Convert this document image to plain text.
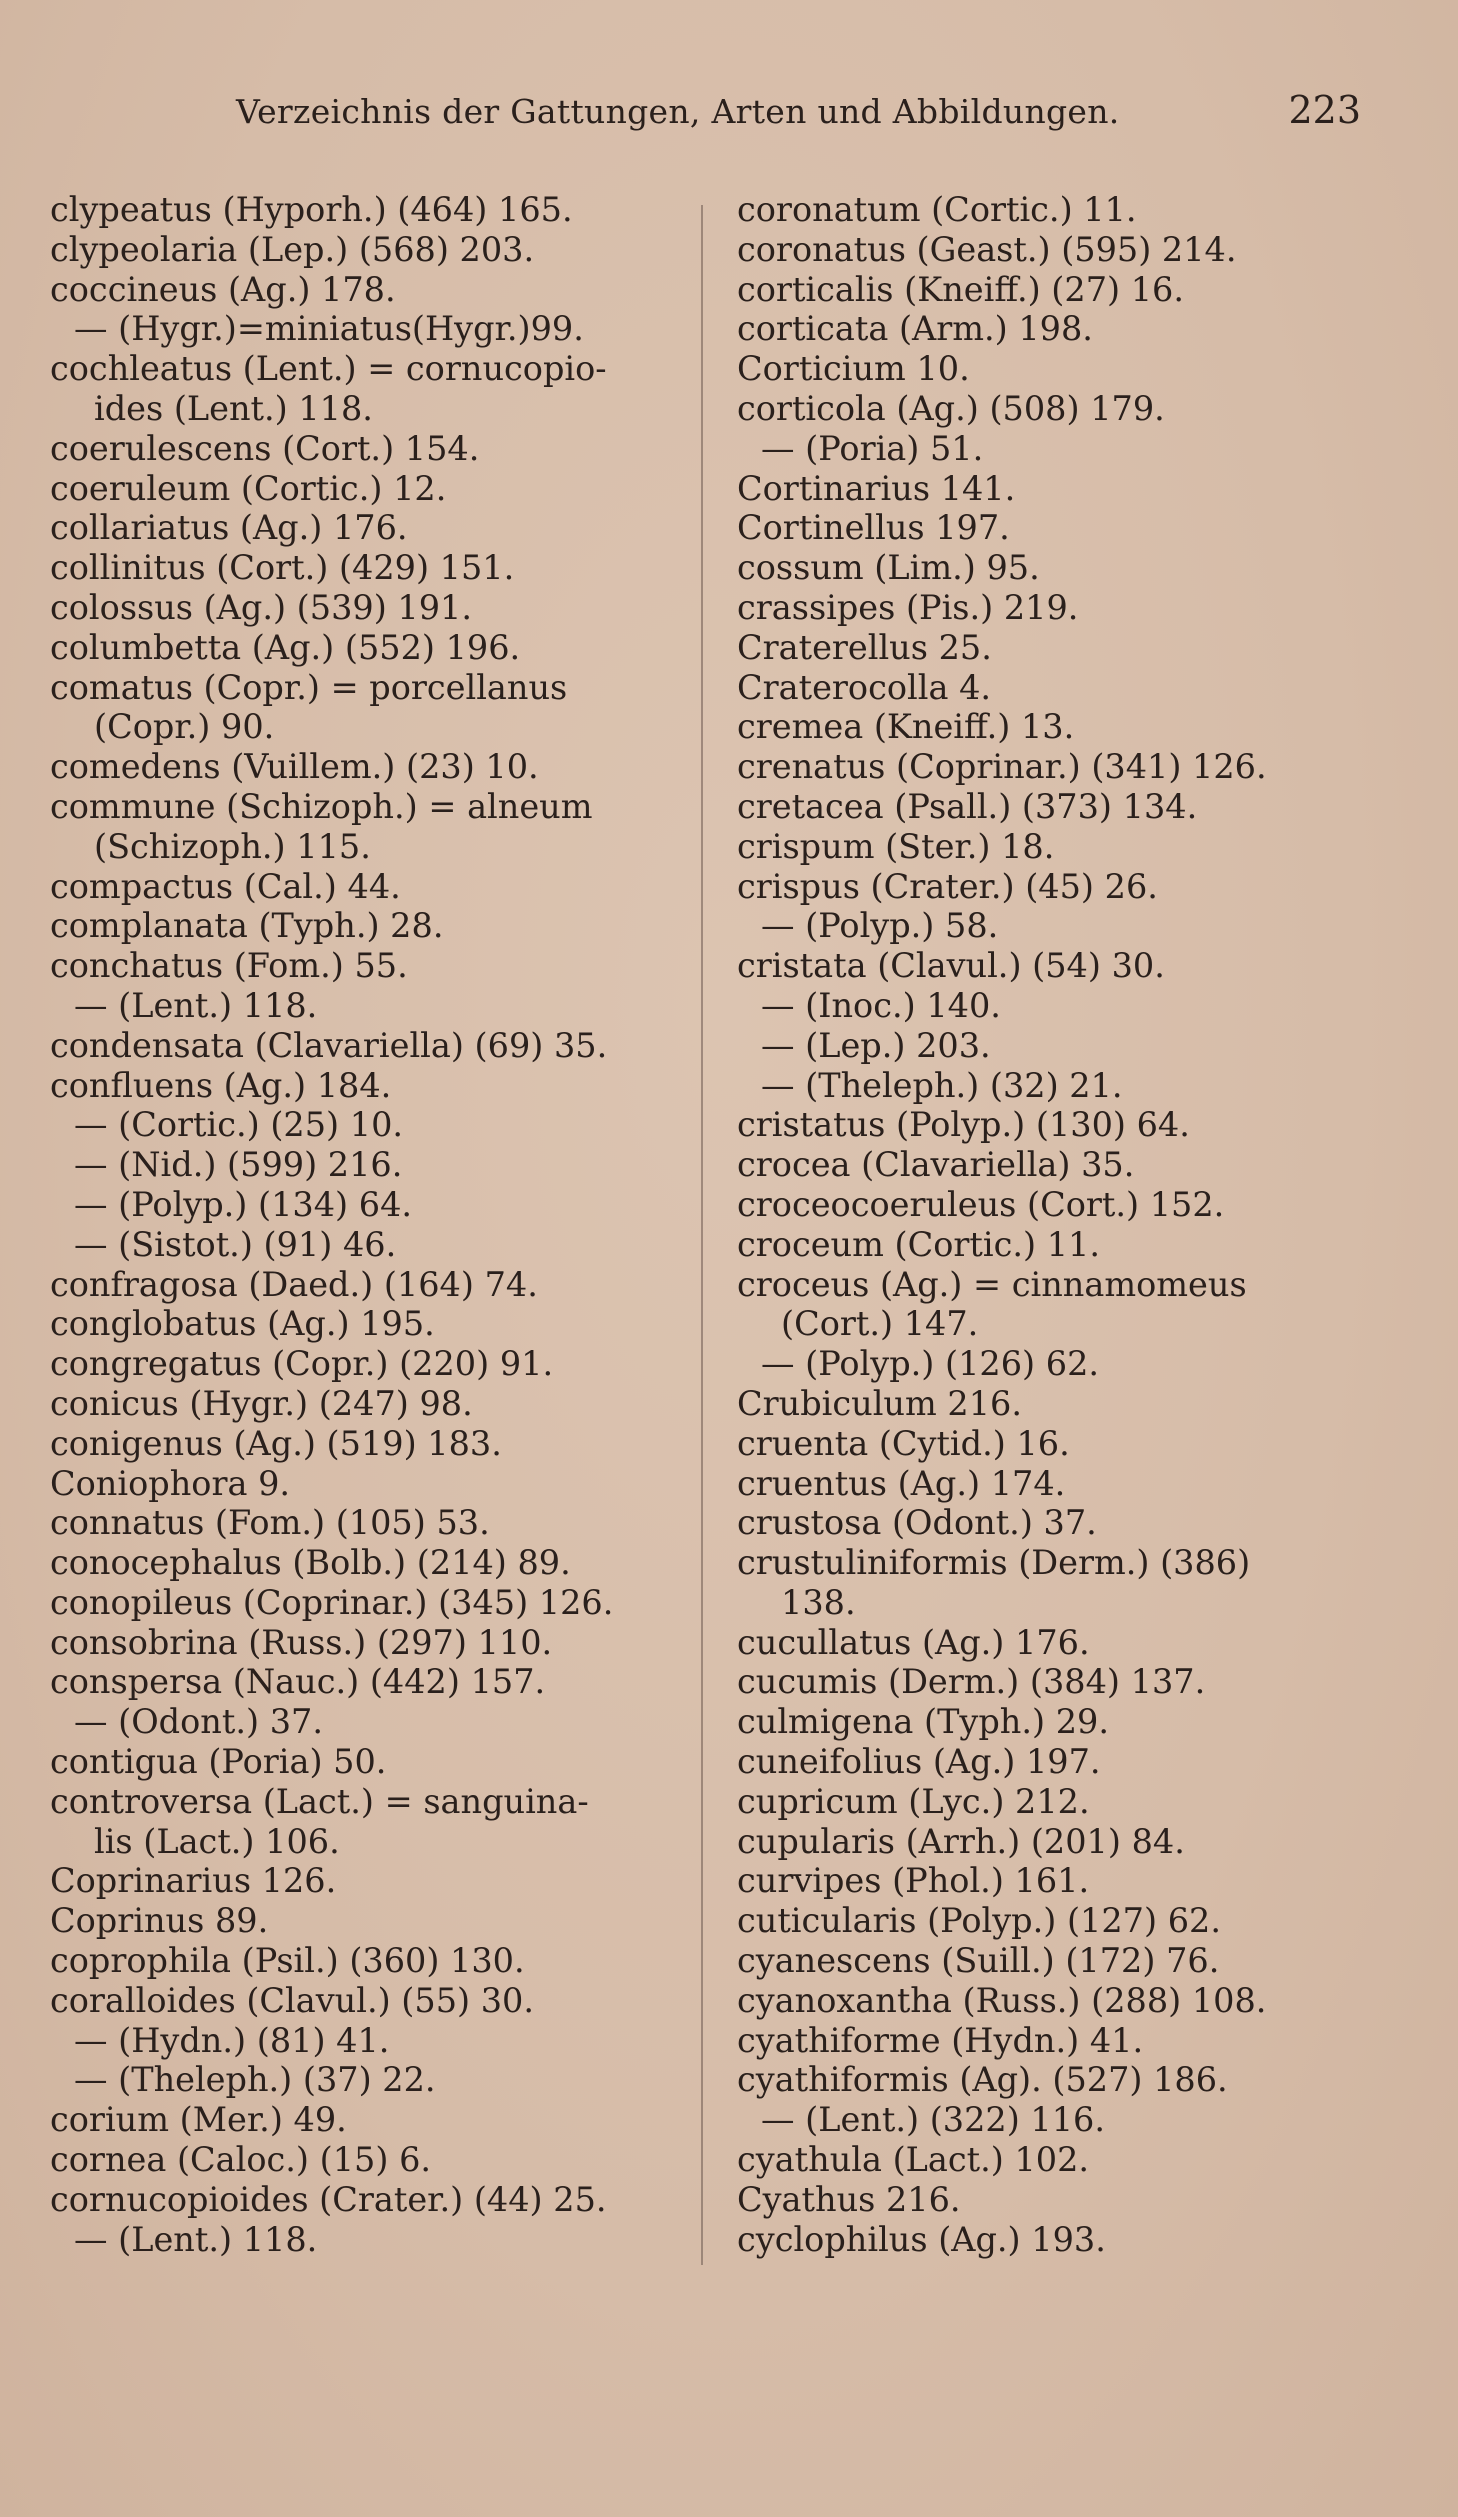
Verzeichnis der Gattungen, Arten und Abbildungen.	223
clypeatus (Hyporh.) (464) 165.
clypeolaria (Lep.) (568) 203.
coccineus (Ag.) 178.
— (Hygr.)=miniatus(Hygr.)99.
cochleatus (Lent.) = cornucopio-
ides (Lent.) 118.
coerulescens (Cort.) 154.
coeruleum (Cortic.) 12.
collariatus (Ag.) 176.
collinitus (Cort.) (429) 151.
colossus (Ag.) (539) 191.
columbetta (Ag.) (552) 196.
comatus (Copr.) = porcellanus
(Copr.) 90.
comedens (Vuillem.) (23) 10.
commune (Schizoph.) = alneum
(Schizoph.) 115.
compactus (Cal.) 44.
complanata (Typh.) 28.
conchatus (Fom.) 55.
— (Lent.) 118.
condensata (Clavariella) (69) 35.
confluens (Ag.) 184.
— (Cortic.) (25) 10.
— (Nid.) (599) 216.
— (Polyp.) (134) 64.
— (Sistot.) (91) 46.
confragosa (Daed.) (164) 74.
conglobatus (Ag.) 195.
congregatus (Copr.) (220) 91.
conicus (Hygr.) (247) 98.
conigenus (Ag.) (519) 183.
Coniophora 9.
connatus (Fom.) (105) 53.
conocephalus (Bolb.) (214) 89.
conopileus (Coprinar.) (345) 126.
consobrina (Russ.) (297) 110.
conspersa (Nauc.) (442) 157.
— (Odont.) 37.
contigua (Poria) 50.
controversa (Lact.) = sanguina-
lis (Lact.) 106.
Coprinarius 126.
Coprinus 89.
coprophila (Psil.) (360) 130.
coralloides (Clavul.) (55) 30.
— (Hydn.) (81) 41.
— (Theleph.) (37) 22.
corium (Mer.) 49.
cornea (Caloc.) (15) 6.
cornucopioides (Crater.) (44) 25.
— (Lent.) 118.
coronatum (Cortic.) 11.
coronatus (Geast.) (595) 214.
corticalis (Kneiff.) (27) 16.
corticata (Arm.) 198.
Corticium 10.
corticola (Ag.) (508) 179.
— (Poria) 51.
Cortinarius 141.
Cortinellus 197.
cossum (Lim.) 95.
crassipes (Pis.) 219.
Craterellus 25.
Craterocolla 4.
cremea (Kneiff.) 13.
crenatus (Coprinar.) (341) 126.
cretacea (Psall.) (373) 134.
crispum (Ster.) 18.
crispus (Crater.) (45) 26.
— (Polyp.) 58.
cristata (Clavul.) (54) 30.
— (Inoc.) 140.
— (Lep.) 203.
— (Theleph.) (32) 21.
cristatus (Polyp.) (130) 64.
crocea (Clavariella) 35.
croceocoeruleus (Cort.) 152.
croceum (Cortic.) 11.
croceus (Ag.) = cinnamomeus
(Cort.) 147.
— (Polyp.) (126) 62.
Crubiculum 216.
cruenta (Cytid.) 16.
cruentus (Ag.) 174.
crustosa (Odont.) 37.
crustuliniformis (Derm.) (386)
138.
cucullatus (Ag.) 176.
cucumis (Derm.) (384) 137.
culmigena (Typh.) 29.
cuneifolius (Ag.) 197.
cupricum (Lyc.) 212.
cupularis (Arrh.) (201) 84.
curvipes (Phol.) 161.
cuticularis (Polyp.) (127) 62.
cyanescens (Suill.) (172) 76.
cyanoxantha (Russ.) (288) 108.
cyathiforme (Hydn.) 41.
cyathiformis (Ag). (527) 186.
— (Lent.) (322) 116.
cyathula (Lact.) 102.
Cyathus 216.
cyclophilus (Ag.) 193.
